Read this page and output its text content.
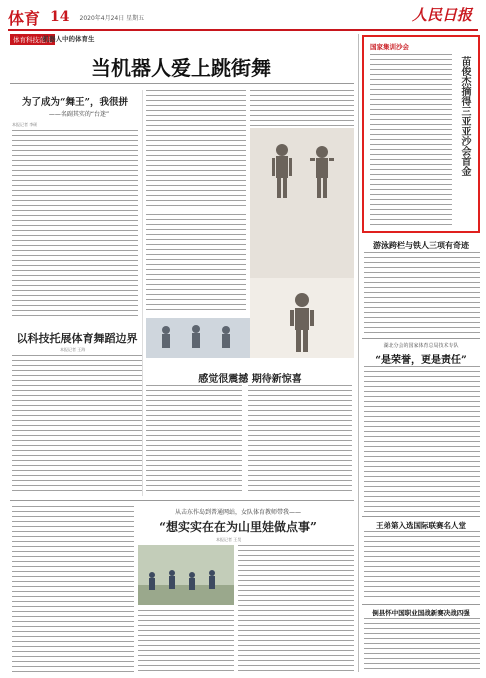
体育 14 2020年4月24日 星期五	人民日报
体育科技范儿
·机器人中的体育生
当机器人爱上跳街舞
为了成为“舞王”，我很拼
——名副其实的“台迷”
本报记者 李硕
以科技托展体育舞蹈边界
本报记者 王海
感觉很震撼 期待新惊喜
从击东作岛到普通网站，女队体育教师带我——
“想实实在在为山里娃做点事”
本报记者 王昊
国家集训沙会
苗俊杰摘得三亚亚沙会首金
游泳跨栏与铁人三项有奇迹
湖北分会的国家体育总局技术专队
“是荣誉，更是责任”
王弟第入选国际联赛名人堂
倒县怀中国职业国战新赛决战四强
